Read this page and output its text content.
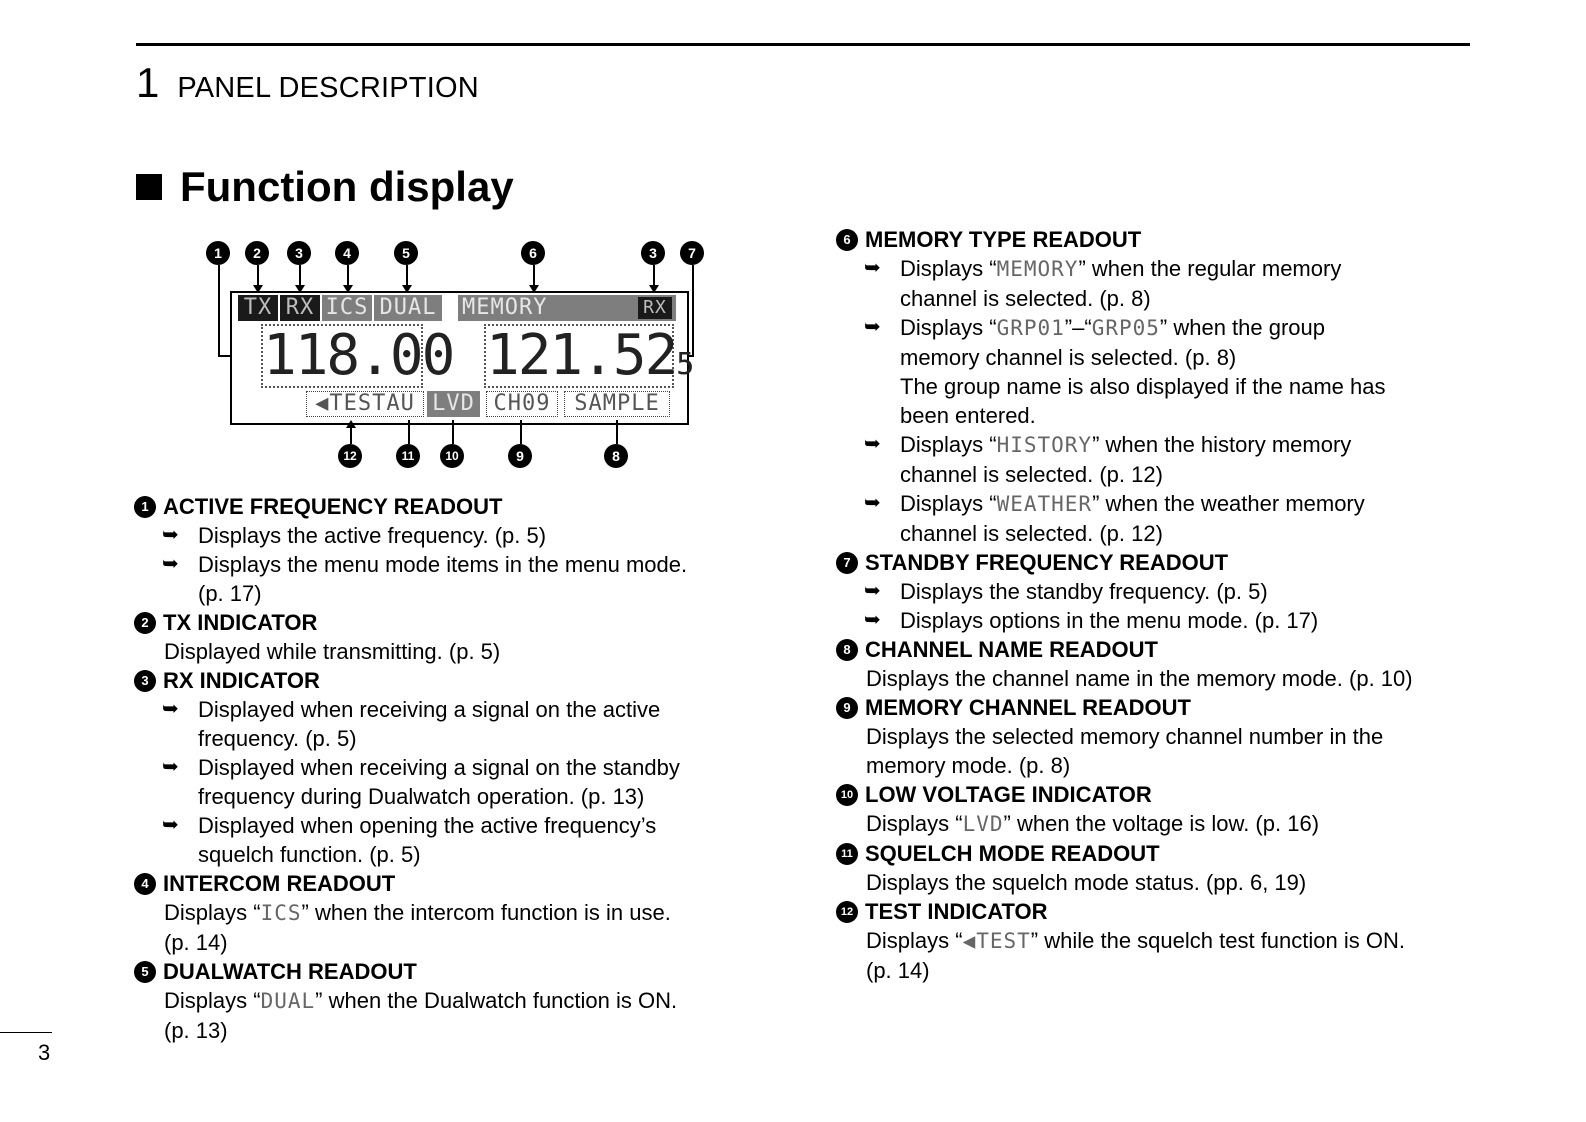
1 PANEL DESCRIPTION
Function display
1	2	3	4	5	6	3	7
TX RX ICS DUAL MEMORY	RX
118.00 121.525
◀TESTAU LVD CH09	SAMPLE
12	11	10	9	8
1 ACTIVE FREQUENCY READOUT
➥ Displays the active frequency. (p. 5)
➥ Displays the menu mode items in the menu mode.
(p. 17)
2 TX INDICATOR
Displayed while transmitting. (p. 5)
3 RX INDICATOR
➥ Displayed when receiving a signal on the active
frequency. (p. 5)
➥ Displayed when receiving a signal on the standby
frequency during Dualwatch operation. (p. 13)
➥ Displayed when opening the active frequency’s
squelch function. (p. 5)
4 INTERCOM READOUT
Displays “ICS” when the intercom function is in use.
(p. 14)
5 DUALWATCH READOUT
Displays “DUAL” when the Dualwatch function is ON.
(p. 13)
6 MEMORY TYPE READOUT
➥ Displays “MEMORY” when the regular memory
channel is selected. (p. 8)
➥ Displays “GRP01”–“GRP05” when the group
memory channel is selected. (p. 8)
The group name is also displayed if the name has
been entered.
➥ Displays “HISTORY” when the history memory
channel is selected. (p. 12)
➥ Displays “WEATHER” when the weather memory
channel is selected. (p. 12)
7 STANDBY FREQUENCY READOUT
➥ Displays the standby frequency. (p. 5)
➥ Displays options in the menu mode. (p. 17)
8 CHANNEL NAME READOUT
Displays the channel name in the memory mode. (p. 10)
9 MEMORY CHANNEL READOUT
Displays the selected memory channel number in the
memory mode. (p. 8)
10 LOW VOLTAGE INDICATOR
Displays “LVD” when the voltage is low. (p. 16)
11 SQUELCH MODE READOUT
Displays the squelch mode status. (pp. 6, 19)
12 TEST INDICATOR
Displays “◀TEST” while the squelch test function is ON.
(p. 14)
3
